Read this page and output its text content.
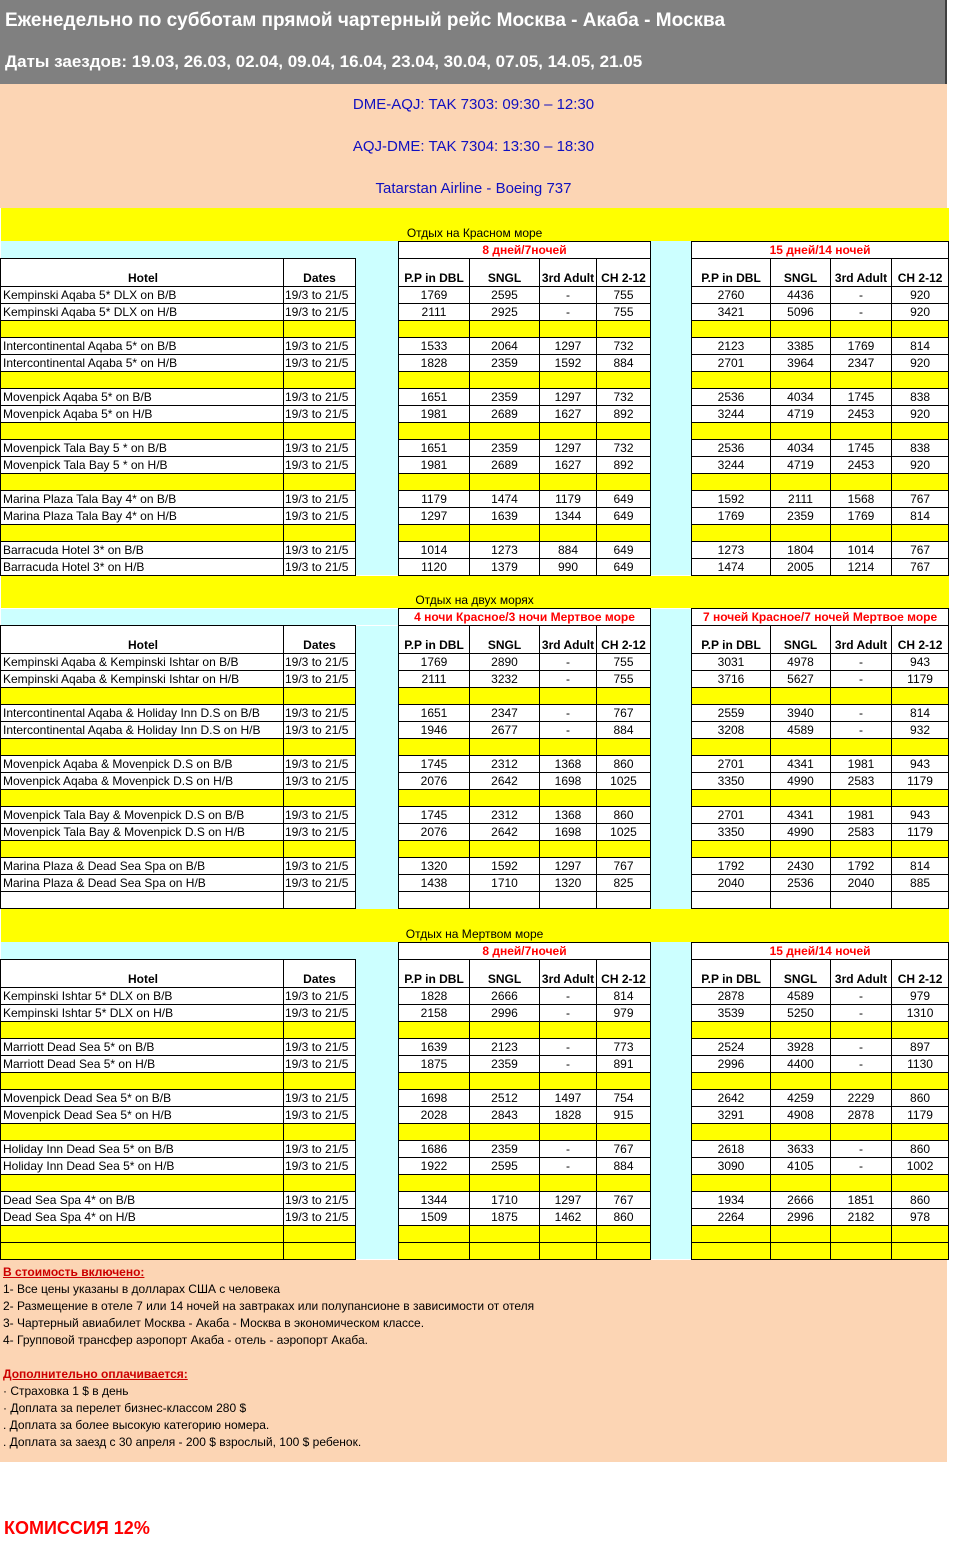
Еженедельно по субботам прямой чартерный рейс Москва - Акаба - Москва
Даты заездов: 19.03, 26.03, 02.04, 09.04, 16.04, 23.04, 30.04, 07.05, 14.05, 21.05
DME-AQJ: TAK 7303: 09:30 – 12:30
AQJ-DME: TAK 7304: 13:30 – 18:30
Tatarstan Airline - Boeing 737
Отдых на Красном море											
			8 дней/7ночей					15 дней/14 ночей			
Hotel	Dates		P.P in DBL	SNGL	3rd Adult	CH 2-12		P.P in DBL	SNGL	3rd Adult	CH 2-12
Kempinski Aqaba 5* DLX on B/B	19/3 to 21/5		1769	2595	-	755		2760	4436	-	920
Kempinski Aqaba 5* DLX on H/B	19/3 to 21/5		2111	2925	-	755		3421	5096	-	920

Intercontinental Aqaba 5* on B/B	19/3 to 21/5		1533	2064	1297	732		2123	3385	1769	814
Intercontinental Aqaba 5* on H/B	19/3 to 21/5		1828	2359	1592	884		2701	3964	2347	920

Movenpick Aqaba 5* on B/B	19/3 to 21/5		1651	2359	1297	732		2536	4034	1745	838
Movenpick Aqaba 5* on H/B	19/3 to 21/5		1981	2689	1627	892		3244	4719	2453	920

Movenpick Tala Bay 5 * on B/B	19/3 to 21/5		1651	2359	1297	732		2536	4034	1745	838
Movenpick Tala Bay 5 * on H/B	19/3 to 21/5		1981	2689	1627	892		3244	4719	2453	920

Marina Plaza Tala Bay 4* on B/B	19/3 to 21/5		1179	1474	1179	649		1592	2111	1568	767
Marina Plaza Tala Bay 4* on H/B	19/3 to 21/5		1297	1639	1344	649		1769	2359	1769	814

Barracuda Hotel 3* on B/B	19/3 to 21/5		1014	1273	884	649		1273	1804	1014	767
Barracuda Hotel 3* on H/B	19/3 to 21/5		1120	1379	990	649		1474	2005	1214	767
Отдых на двух морях											
			4 ночи Красное/3 ночи Мертвое море					7 ночей Красное/7 ночей Мертвое море			
Hotel	Dates		P.P in DBL	SNGL	3rd Adult	CH 2-12		P.P in DBL	SNGL	3rd Adult	CH 2-12
Kempinski Aqaba & Kempinski Ishtar on B/B	19/3 to 21/5		1769	2890	-	755		3031	4978	-	943
Kempinski Aqaba & Kempinski Ishtar on H/B	19/3 to 21/5		2111	3232	-	755		3716	5627	-	1179

Intercontinental Aqaba & Holiday Inn D.S on B/B	19/3 to 21/5		1651	2347	-	767		2559	3940	-	814
Intercontinental Aqaba & Holiday Inn D.S on H/B	19/3 to 21/5		1946	2677	-	884		3208	4589	-	932

Movenpick Aqaba & Movenpick D.S on B/B	19/3 to 21/5		1745	2312	1368	860		2701	4341	1981	943
Movenpick Aqaba & Movenpick D.S on H/B	19/3 to 21/5		2076	2642	1698	1025		3350	4990	2583	1179

Movenpick Tala Bay & Movenpick D.S on B/B	19/3 to 21/5		1745	2312	1368	860		2701	4341	1981	943
Movenpick Tala Bay & Movenpick D.S on H/B	19/3 to 21/5		2076	2642	1698	1025		3350	4990	2583	1179

Marina Plaza & Dead Sea Spa on B/B	19/3 to 21/5		1320	1592	1297	767		1792	2430	1792	814
Marina Plaza & Dead Sea Spa on H/B	19/3 to 21/5		1438	1710	1320	825		2040	2536	2040	885

Отдых на Мертвом море											
			8 дней/7ночей					15 дней/14 ночей			
Hotel	Dates		P.P in DBL	SNGL	3rd Adult	CH 2-12		P.P in DBL	SNGL	3rd Adult	CH 2-12
Kempinski Ishtar 5* DLX on B/B	19/3 to 21/5		1828	2666	-	814		2878	4589	-	979
Kempinski Ishtar 5* DLX on H/B	19/3 to 21/5		2158	2996	-	979		3539	5250	-	1310

Marriott Dead Sea 5* on B/B	19/3 to 21/5		1639	2123	-	773		2524	3928	-	897
Marriott Dead Sea 5* on H/B	19/3 to 21/5		1875	2359	-	891		2996	4400	-	1130

Movenpick Dead Sea 5* on B/B	19/3 to 21/5		1698	2512	1497	754		2642	4259	2229	860
Movenpick Dead Sea 5* on H/B	19/3 to 21/5		2028	2843	1828	915		3291	4908	2878	1179

Holiday Inn Dead Sea 5* on B/B	19/3 to 21/5		1686	2359	-	767		2618	3633	-	860
Holiday Inn Dead Sea 5* on H/B	19/3 to 21/5		1922	2595	-	884		3090	4105	-	1002

Dead Sea Spa 4* on B/B	19/3 to 21/5		1344	1710	1297	767		1934	2666	1851	860
Dead Sea Spa 4* on H/B	19/3 to 21/5		1509	1875	1462	860		2264	2996	2182	978

В стоимость включено:
1- Все цены указаны в долларах США с человека
2- Размещение в отеле 7 или 14 ночей на завтраках или полупансионе в зависимости от отеля
3- Чартерный авиабилет Москва - Акаба - Москва в экономическом классе.
4- Групповой трансфер аэропорт Акаба - отель - аэропорт Акаба.
Дополнительно оплачивается:
· Страховка 1 $ в день
· Доплата за перелет бизнес-классом 280 $
. Доплата за более высокую категорию номера.
. Доплата за заезд с 30 апреля - 200 $ взрослый, 100 $ ребенок.
КОМИССИЯ 12%
